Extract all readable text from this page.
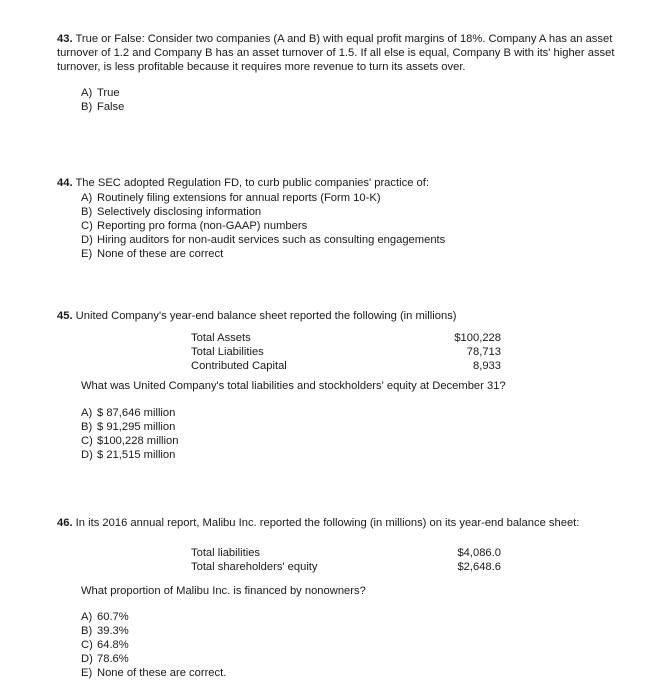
43. True or False: Consider two companies (A and B) with equal profit margins of 18%. Company A has an asset turnover of 1.2 and Company B has an asset turnover of 1.5. If all else is equal, Company B with its' higher asset turnover, is less profitable because it requires more revenue to turn its assets over.

A) True
B) False

44. The SEC adopted Regulation FD, to curb public companies' practice of:

A) Routinely filing extensions for annual reports (Form 10-K)
B) Selectively disclosing information
C) Reporting pro forma (non-GAAP) numbers
D) Hiring auditors for non-audit services such as consulting engagements
E) None of these are correct

45. United Company's year-end balance sheet reported the following (in millions)

Total Assets	$100,228
Total Liabilities	78,713
Contributed Capital	8,933

What was United Company's total liabilities and stockholders' equity at December 31?

A) $ 87,646 million
B) $ 91,295 million
C) $100,228 million
D) $ 21,515 million

46. In its 2016 annual report, Malibu Inc. reported the following (in millions) on its year-end balance sheet:

Total liabilities	$4,086.0
Total shareholders' equity	$2,648.6

What proportion of Malibu Inc. is financed by nonowners?

A) 60.7%
B) 39.3%
C) 64.8%
D) 78.6%
E) None of these are correct.
